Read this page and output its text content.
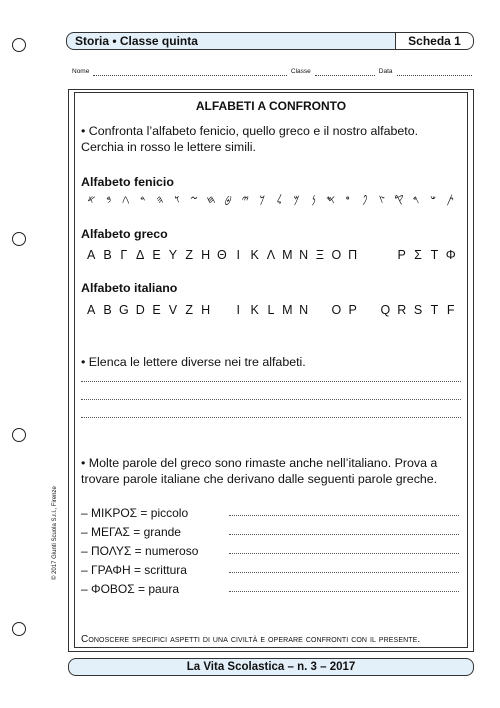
Storia • Classe quinta	Scheda 1
Nome	Classe	Data
ALFABETI A CONFRONTO
• Confronta l’alfabeto fenicio, quello greco e il nostro alfabeto. Cerchia in rosso le lettere simili.
Alfabeto fenicio
𐤀 𐤁 𐤂 𐤃 𐤄 𐤅 𐤆 𐤇 𐤈 𐤉 𐤊	𐤋	𐤌	𐤍 𐤎 𐤏	𐤐	𐤑 𐤒 𐤓 𐤔 𐤕
Alfabeto greco
Α Β Γ Δ Ε Υ Ζ Η Θ Ι Κ Λ Μ Ν Ξ Ο Π	Ρ Σ Τ Φ
Alfabeto italiano
A B G D E V Z H	I K L M N O P	Q R S T F
• Elenca le lettere diverse nei tre alfabeti.
• Molte parole del greco sono rimaste anche nell’italiano. Prova a trovare parole italiane che derivano dalle seguenti parole greche.
– ΜΙΚΡΟΣ = piccolo
– ΜΕΓΑΣ = grande
– ΠΟΛΥΣ = numeroso
– ΓΡΑΦΗ = scrittura
– ΦΟΒΟΣ = paura
Conoscere specifici aspetti di una civiltà e operare confronti con il presente.
© 2017 Giunti Scuola S.r.l., Firenze
La Vita Scolastica – n. 3 – 2017
